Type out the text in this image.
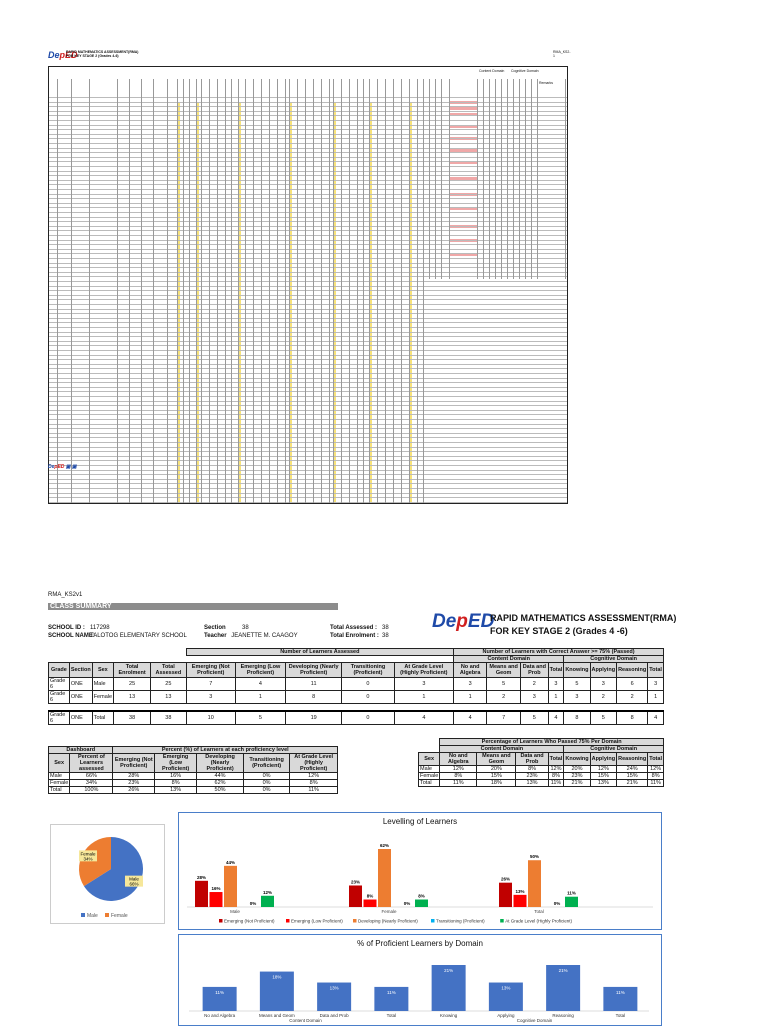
DepED
RAPID MATHEMATICS ASSESSMENT(RMA)
FOR KEY STAGE 2 (Grades 4-6)
RMA_KS2-1
Content Domain Cognitive Domain
Remarks
DepED ▣ ▣
RMA_KS2v1
CLASS SUMMARY
SCHOOL ID : 117298
SCHOOL NAME:
TALOTOG ELEMENTARY SCHOOL
Section	38
Teacher JEANETTE M. CAAGOY
Total Assessed : 38
Total Enrolment : 38
DepED
RAPID MATHEMATICS ASSESSMENT(RMA)
FOR KEY STAGE 2 (Grades 4 -6)
					Number of Learners Assessed					Number of Learners with Correct Answer >= 75% (Passed)							
										Content Domain				Cognitive Domain			
Grade	Section	Sex	Total Enrolment	Total Assessed	Emerging (Not Proficient)	Emerging (Low Proficient)	Developing (Nearly Proficient)	Transitioning (Proficient)	At Grade Level (Highly Proficient)	No and Algebra	Means and Geom	Data and Prob	Total	Knowing	Applying	Reasoning	Total
Grade 6	ONE	Male	25	25	7	4	11	0	3	3	5	2	3	5	3	6	3
Grade 6	ONE	Female	13	13	3	1	8	0	1	1	2	3	1	3	2	2	1

Grade 6	ONE	Total	38	38	10	5	19	0	4	4	7	5	4	8	5	8	4
Dashboard		Percent (%) of Learners at each proficiency level				
Sex	Percent of Learners assessed	Emerging (Not Proficient)	Emerging (Low Proficient)	Developing (Nearly Proficient)	Transitioning (Proficient)	At Grade Level (Highly Proficient)
Male	66%	28%	16%	44%	0%	12%
Female	34%	23%	8%	62%	0%	8%
Total	100%	26%	13%	50%	0%	11%
	Percentage of Learners Who Passed 75% Per Domain							
	Content Domain				Cognitive Domain			
Sex	No and Algebra	Means and Geom	Data and Prob	Total	Knowing	Applying	Reasoning	Total
Male	12%	20%	8%	12%	20%	12%	24%	12%
Female	8%	15%	23%	8%	23%	15%	15%	8%
Total	11%	18%	13%	11%	21%	13%	21%	11%
Male
66%
Female
34%
Male	Female
Levelling of Learners
28%
16%
44%
0%
12%
Male
23%
8%
62%
0%
8%
Female
26%
13%
50%
0%
11%
Total
Emerging (Not Proficient)	Emerging (Low Proficient)	Developing (Nearly Proficient)	Transitioning (Proficient)	At Grade Level (Highly Proficient)
% of Proficient Learners by Domain
11%
No and Algebra
18%
Means and Geom
13%
Data and Prob
11%
Total
21%
Knowing
13%
Applying
21%
Reasoning
11%
Total
Content Domain	Cognitive Domain
